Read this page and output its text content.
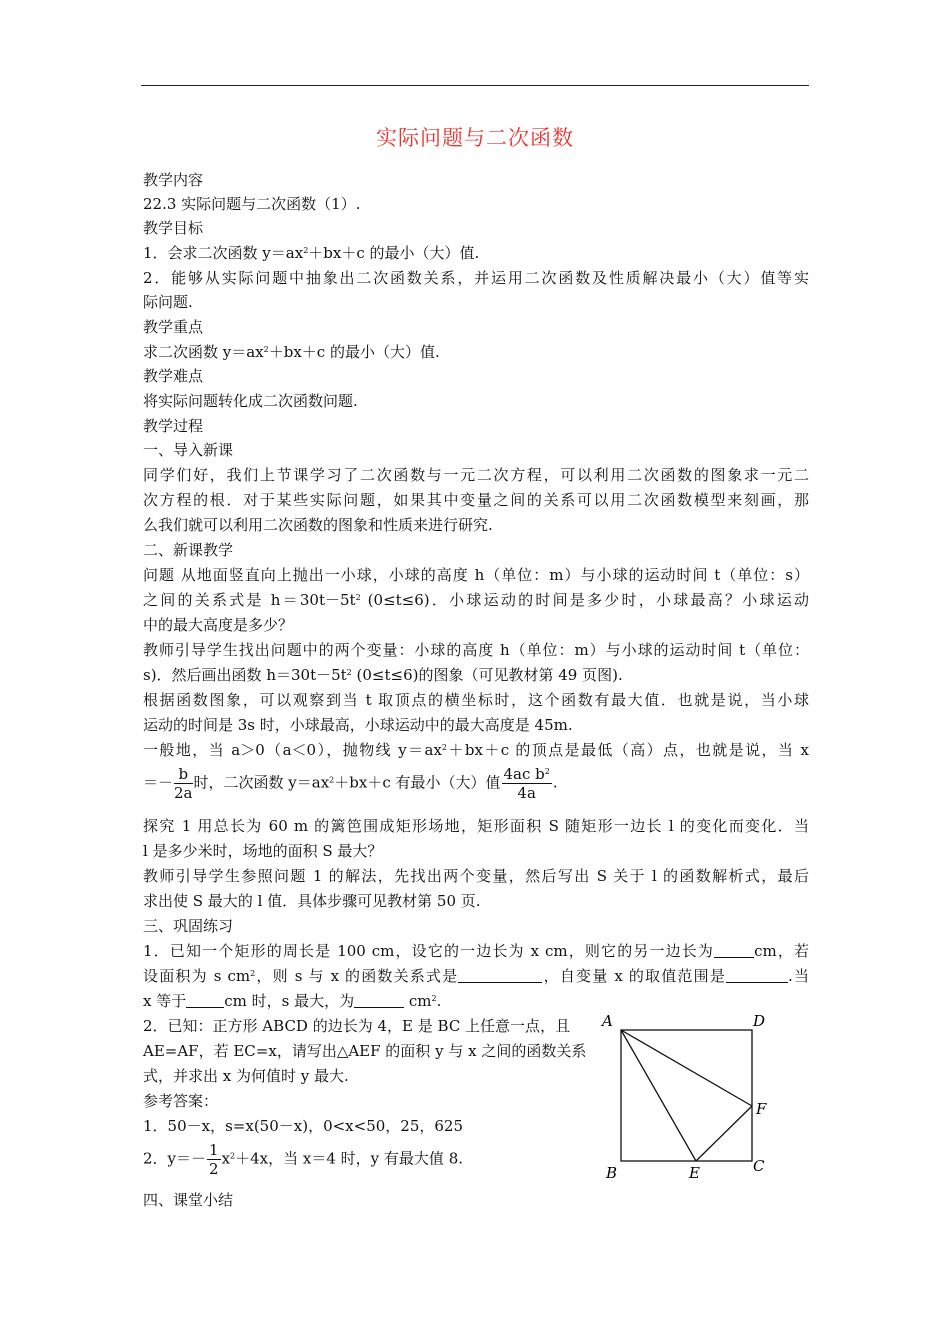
实际问题与二次函数
教学内容
22.3 实际问题与二次函数（1）.
教学目标
1．会求二次函数 $y=ax^2+bx+c$ 的最小（大）值.
2．能够从实际问题中抽象出二次函数关系，并运用二次函数及性质解决最小（大）值等实
际问题.
教学重点
求二次函数 $y=ax^2+bx+c$ 的最小（大）值.
教学难点
将实际问题转化成二次函数问题.
教学过程
一、导入新课
同学们好，我们上节课学习了二次函数与一元二次方程，可以利用二次函数的图象求一元二
次方程的根．对于某些实际问题，如果其中变量之间的关系可以用二次函数模型来刻画，那
么我们就可以利用二次函数的图象和性质来进行研究.
二、新课教学
问题 从地面竖直向上抛出一小球，小球的高度 h（单位：m）与小球的运动时间 t（单位：s）
之间的关系式是 $h=30t-5t^2$ (0≤t≤6)．小球运动的时间是多少时，小球最高？小球运动
中的最大高度是多少？
教师引导学生找出问题中的两个变量：小球的高度 h（单位：m）与小球的运动时间 t（单位：
s)．然后画出函数 $h=30t-5t^2$ (0≤t≤6)的图象（可见教材第 49 页图).
根据函数图象，可以观察到当 t 取顶点的横坐标时，这个函数有最大值．也就是说，当小球
运动的时间是 3s 时，小球最高，小球运动中的最大高度是 45m.
一般地，当 a＞0（a＜0），抛物线 $y=ax^2+bx+c$ 的顶点是最低（高）点，也就是说，当 x
＝－ $\frac{b}{2a}$ 时，二次函数 $y=ax^2+bx+c$ 有最小（大）值 $\frac{4ac b^2}{4a}$ .
探究 1 用总长为 60 m 的篱笆围成矩形场地，矩形面积 S 随矩形一边长 l 的变化而变化．当
l 是多少米时，场地的面积 S 最大？
教师引导学生参照问题 1 的解法，先找出两个变量，然后写出 S 关于 l 的函数解析式，最后
求出使 S 最大的 l 值．具体步骤可见教材第 50 页.
三、巩固练习
1．已知一个矩形的周长是 100 cm，设它的一边长为 x cm，则它的另一边长为	cm，若
设面积为 s $cm^2$，则 s 与 x 的函数关系式是	，自变量 x 的取值范围是	.当
x 等于	cm 时，s 最大，为	$cm^2$.
2．已知：正方形 ABCD 的边长为 4，E 是 BC 上任意一点，且
AE=AF，若 EC=x，请写出△AEF 的面积 y 与 x 之间的函数关系
式，并求出 x 为何值时 y 最大.
参考答案：
1．50－x，s=x(50－x)，0<x<50，25，625
2．$y=- \frac{1}{2} x^2+4x$，当 x＝4 时，y 有最大值 8.
四、课堂小结
A	D
F
B	E	C
